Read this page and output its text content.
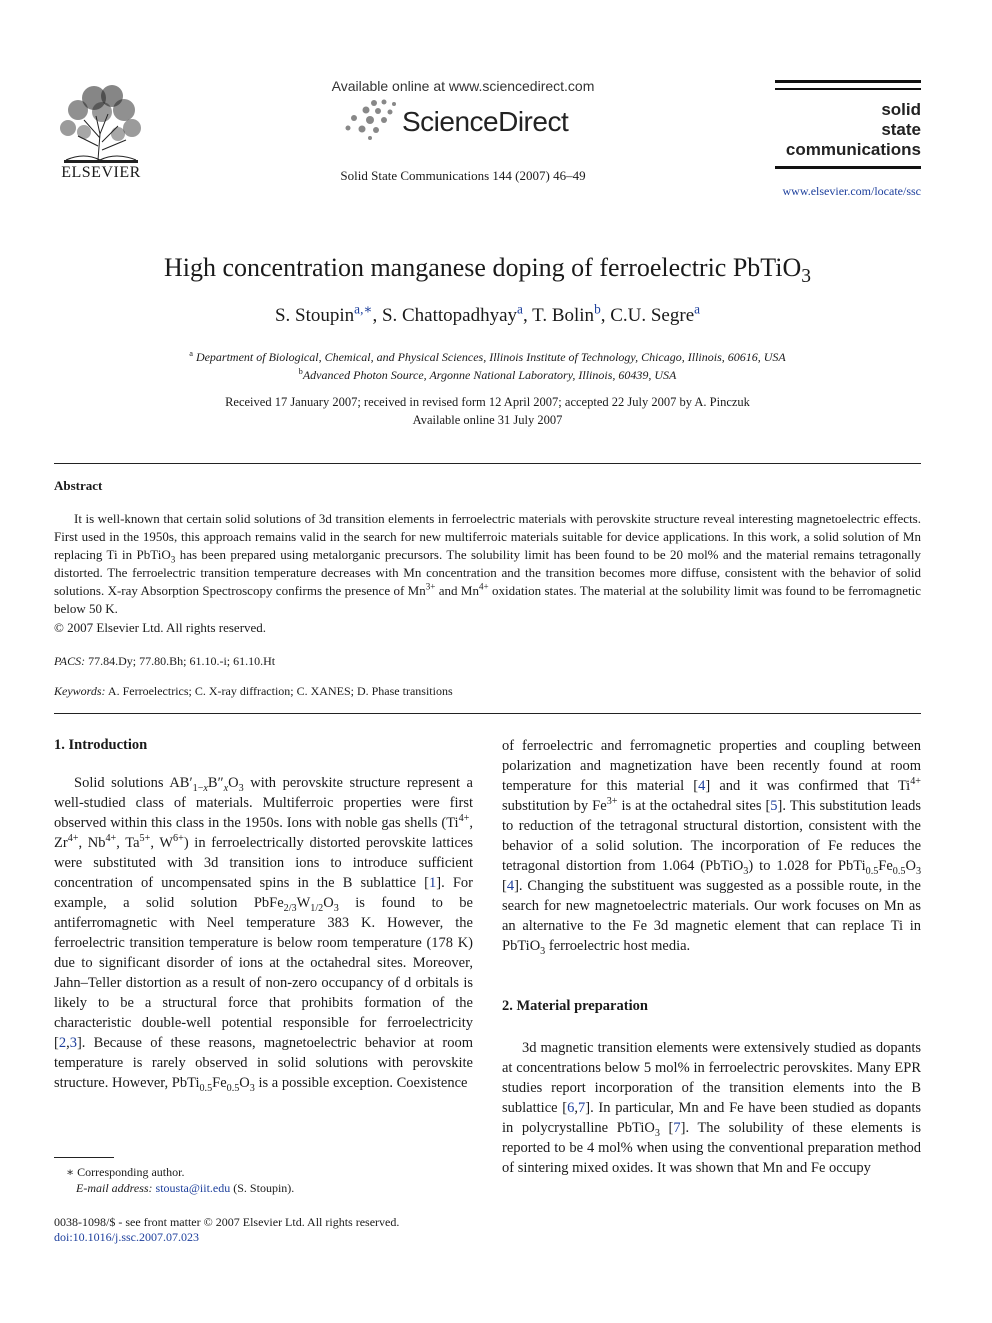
ELSEVIER
Available online at www.sciencedirect.com
ScienceDirect
Solid State Communications 144 (2007) 46–49
solid
state
communications
www.elsevier.com/locate/ssc
High concentration manganese doping of ferroelectric PbTiO$_3$
S. Stoupin$^{a,∗}$, S. Chattopadhyay$^a$, T. Bolin$^b$, C.U. Segre$^a$
$^a$ Department of Biological, Chemical, and Physical Sciences, Illinois Institute of Technology, Chicago, Illinois, 60616, USA
$^b$Advanced Photon Source, Argonne National Laboratory, Illinois, 60439, USA
Received 17 January 2007; received in revised form 12 April 2007; accepted 22 July 2007 by A. Pinczuk
Available online 31 July 2007
Abstract

It is well-known that certain solid solutions of 3d transition elements in ferroelectric materials with perovskite structure reveal interesting magnetoelectric effects. First used in the 1950s, this approach remains valid in the search for new multiferroic materials suitable for device applications. In this work, a solid solution of Mn replacing Ti in PbTiO$_3$ has been prepared using metalorganic precursors. The solubility limit has been found to be 20 mol% and the material remains tetragonally distorted. The ferroelectric transition temperature decreases with Mn concentration and the transition becomes more diffuse, consistent with the behavior of solid solutions. X-ray Absorption Spectroscopy confirms the presence of $Mn^{3+}$ and $Mn^{4+}$ oxidation states. The material at the solubility limit was found to be ferromagnetic below 50 K.

© 2007 Elsevier Ltd. All rights reserved.
PACS: 77.84.Dy; 77.80.Bh; 61.10.-i; 61.10.Ht
Keywords: A. Ferroelectrics; C. X-ray diffraction; C. XANES; D. Phase transitions
1. Introduction

Solid solutions $AB'_{1-x}B''_xO_3$ with perovskite structure represent a well-studied class of materials. Multiferroic properties were first observed within this class in the 1950s. Ions with noble gas shells ($Ti^{4+}$, $Zr^{4+}$, $Nb^{4+}$, $Ta^{5+}$, $W^{6+}$) in ferroelectrically distorted perovskite lattices were substituted with 3d transition ions to introduce sufficient concentration of uncompensated spins in the B sublattice [1]. For example, a solid solution $PbFe_{2/3}W_{1/2}O_3$ is found to be antiferromagnetic with Neel temperature 383 K. However, the ferroelectric transition temperature is below room temperature (178 K) due to significant disorder of ions at the octahedral sites. Moreover, Jahn–Teller distortion as a result of non-zero occupancy of d orbitals is likely to be a structural force that prohibits formation of the characteristic double-well potential responsible for ferroelectricity [2,3]. Because of these reasons, magnetoelectric behavior at room temperature is rarely observed in solid solutions with perovskite structure. However, $PbTi_{0.5}Fe_{0.5}O_3$ is a possible exception. Coexistence

of ferroelectric and ferromagnetic properties and coupling between polarization and magnetization have been recently found at room temperature for this material [4] and it was confirmed that $Ti^{4+}$ substitution by $Fe^{3+}$ is at the octahedral sites [5]. This substitution leads to reduction of the tetragonal structural distortion, consistent with the behavior of a solid solution. The incorporation of Fe reduces the tetragonal distortion from 1.064 (PbTiO$_3$) to 1.028 for $PbTi_{0.5}Fe_{0.5}O_3$ [4]. Changing the substituent was suggested as a possible route, in the search for new magnetoelectric materials. Our work focuses on Mn as an alternative to the Fe 3d magnetic element that can replace Ti in PbTiO$_3$ ferroelectric host media.

2. Material preparation

3d magnetic transition elements were extensively studied as dopants at concentrations below 5 mol% in ferroelectric perovskites. Many EPR studies report incorporation of the transition elements into the B sublattice [6,7]. In particular, Mn and Fe have been studied as dopants in polycrystalline PbTiO$_3$ [7]. The solubility of these elements is reported to be 4 mol% when using the conventional preparation method of sintering mixed oxides. It was shown that Mn and Fe occupy

∗ Corresponding author.
E-mail address: stousta@iit.edu (S. Stoupin).
0038-1098/$ - see front matter © 2007 Elsevier Ltd. All rights reserved.
doi:10.1016/j.ssc.2007.07.023
